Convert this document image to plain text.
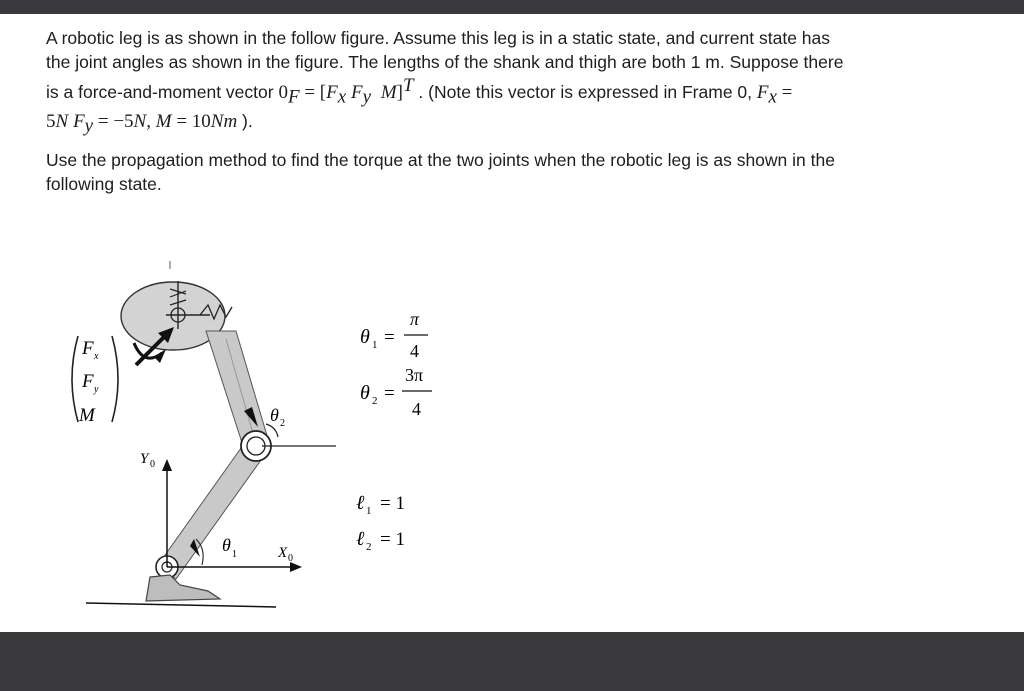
A robotic leg is as shown in the follow figure. Assume this leg is in a static state, and current state has
the joint angles as shown in the figure. The lengths of the shank and thigh are both 1 m. Suppose there
is a force-and-moment vector $0_F = [F_x$ $F_y$ M]$^T$ . (Note this vector is expressed in Frame 0, $F_x$ =
5N $F_y = -5N$, M = 10Nm ).

Use the propagation method to find the torque at the two joints when the robotic leg is as shown in the
following state.

F x
F y
M	θ 2
Y 0
X 0
θ 1
θ 1 =
π
4
θ 2 =
3π
4
ℓ 1 = 1
ℓ 2 = 1
